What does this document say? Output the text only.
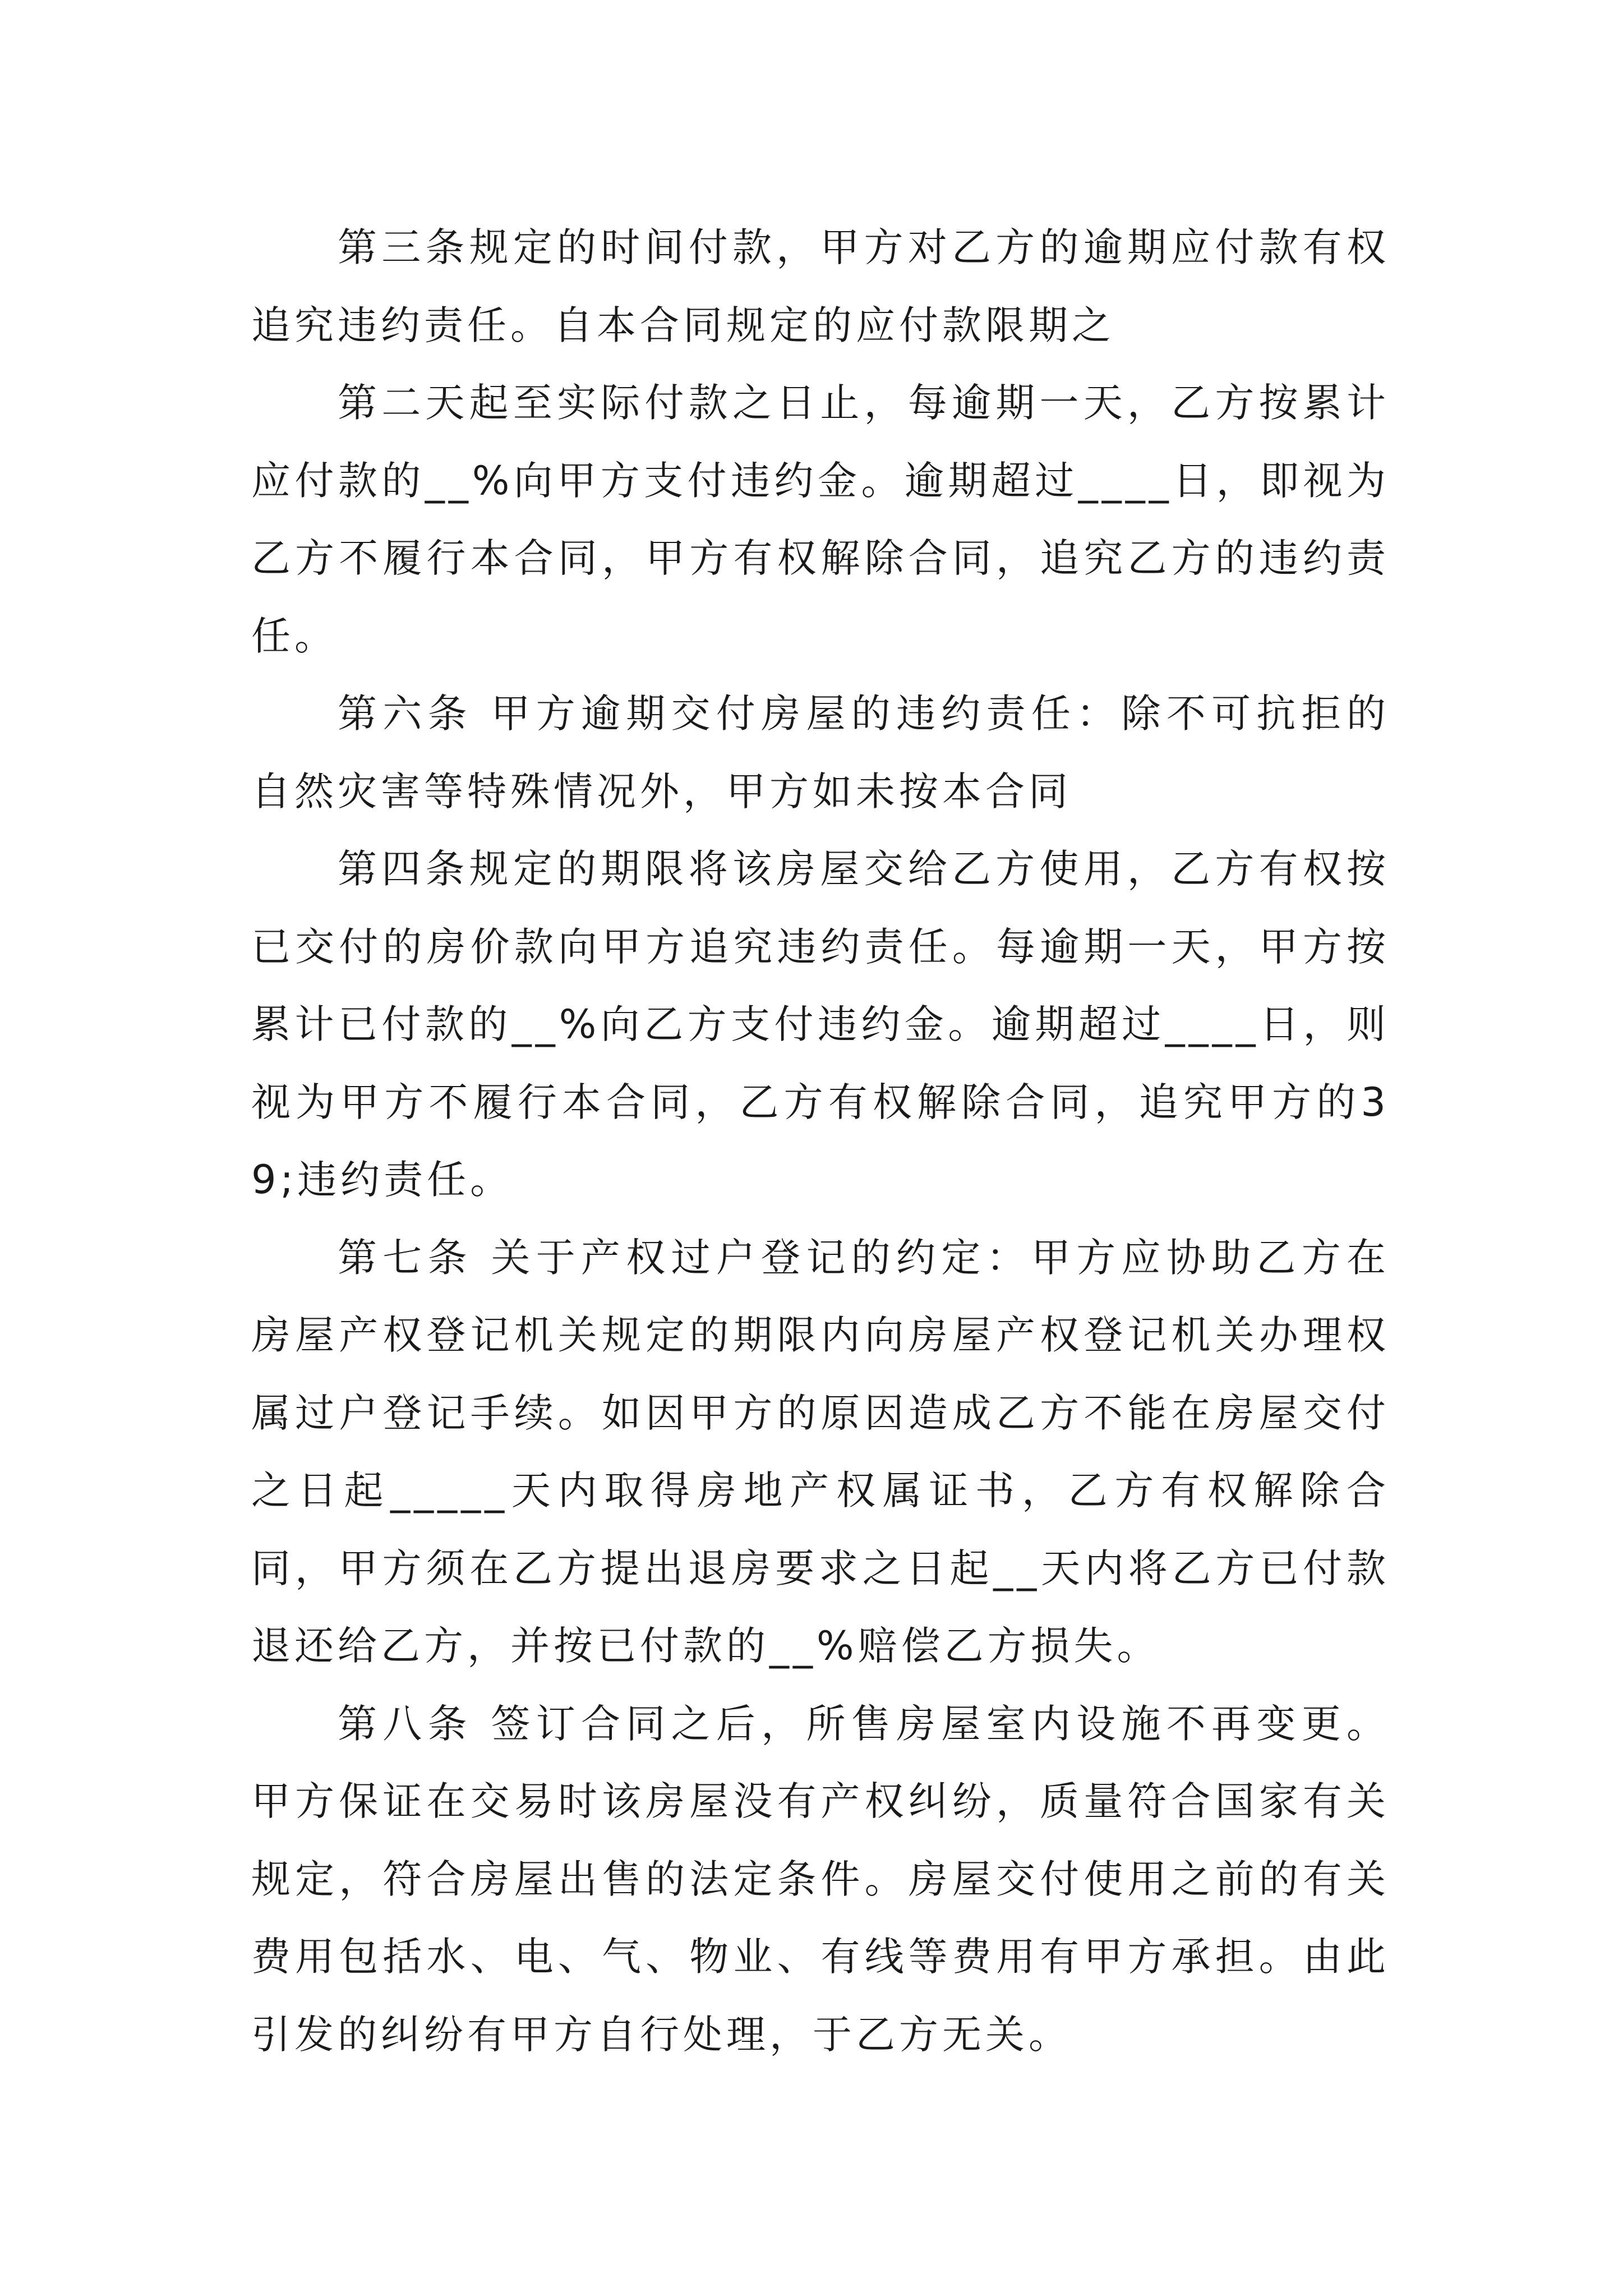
第三条规定的时间付款，甲方对乙方的逾期应付款有权追究违约责任。自本合同规定的应付款限期之

第二天起至实际付款之日止，每逾期一天，乙方按累计应付款的__%向甲方支付违约金。逾期超过____日，即视为乙方不履行本合同，甲方有权解除合同，追究乙方的违约责任。

第六条 甲方逾期交付房屋的违约责任：除不可抗拒的自然灾害等特殊情况外，甲方如未按本合同

第四条规定的期限将该房屋交给乙方使用，乙方有权按已交付的房价款向甲方追究违约责任。每逾期一天，甲方按累计已付款的__%向乙方支付违约金。逾期超过____日，则视为甲方不履行本合同，乙方有权解除合同，追究甲方的39;违约责任。

第七条 关于产权过户登记的约定：甲方应协助乙方在房屋产权登记机关规定的期限内向房屋产权登记机关办理权属过户登记手续。如因甲方的原因造成乙方不能在房屋交付之日起_____天内取得房地产权属证书，乙方有权解除合同，甲方须在乙方提出退房要求之日起__天内将乙方已付款退还给乙方，并按已付款的__%赔偿乙方损失。

第八条 签订合同之后，所售房屋室内设施不再变更。甲方保证在交易时该房屋没有产权纠纷，质量符合国家有关规定，符合房屋出售的法定条件。房屋交付使用之前的有关费用包括水、电、气、物业、有线等费用有甲方承担。由此引发的纠纷有甲方自行处理，于乙方无关。
